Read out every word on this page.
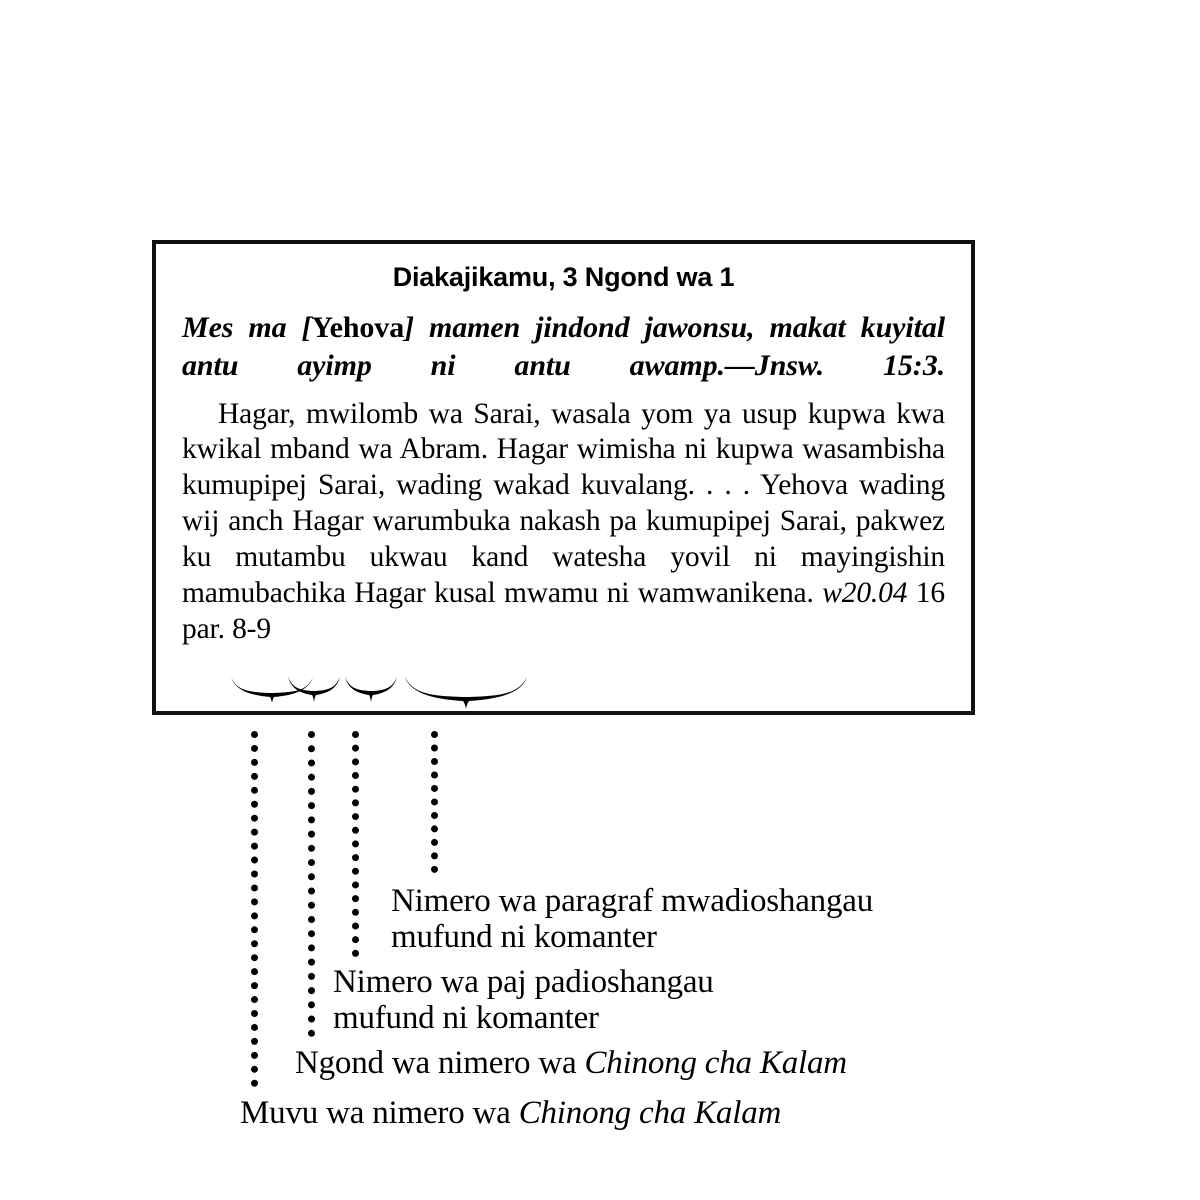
Diakajikamu, 3 Ngond wa 1

Mes ma [Yehova] mamen jindond jawonsu, makat kuyital antu ayimp ni antu awamp.—Jnsw. 15:3.

Hagar, mwilomb wa Sarai, wasala yom ya usup kupwa kwa kwikal mband wa Abram. Hagar wimisha ni kupwa wasambisha kumupipej Sarai, wading wakad kuvalang. . . . Yehova wading wij anch Hagar warumbuka nakash pa kumupipej Sarai, pakwez ku mutambu ukwau kand watesha yovil ni mayingishin mamubachika Hagar kusal mwamu ni wamwanikena. w20.04 16 par. 8-9

Nimero wa paragraf mwadioshangau
mufund ni komanter
Nimero wa paj padioshangau
mufund ni komanter
Ngond wa nimero wa Chinong cha Kalam
Muvu wa nimero wa Chinong cha Kalam
